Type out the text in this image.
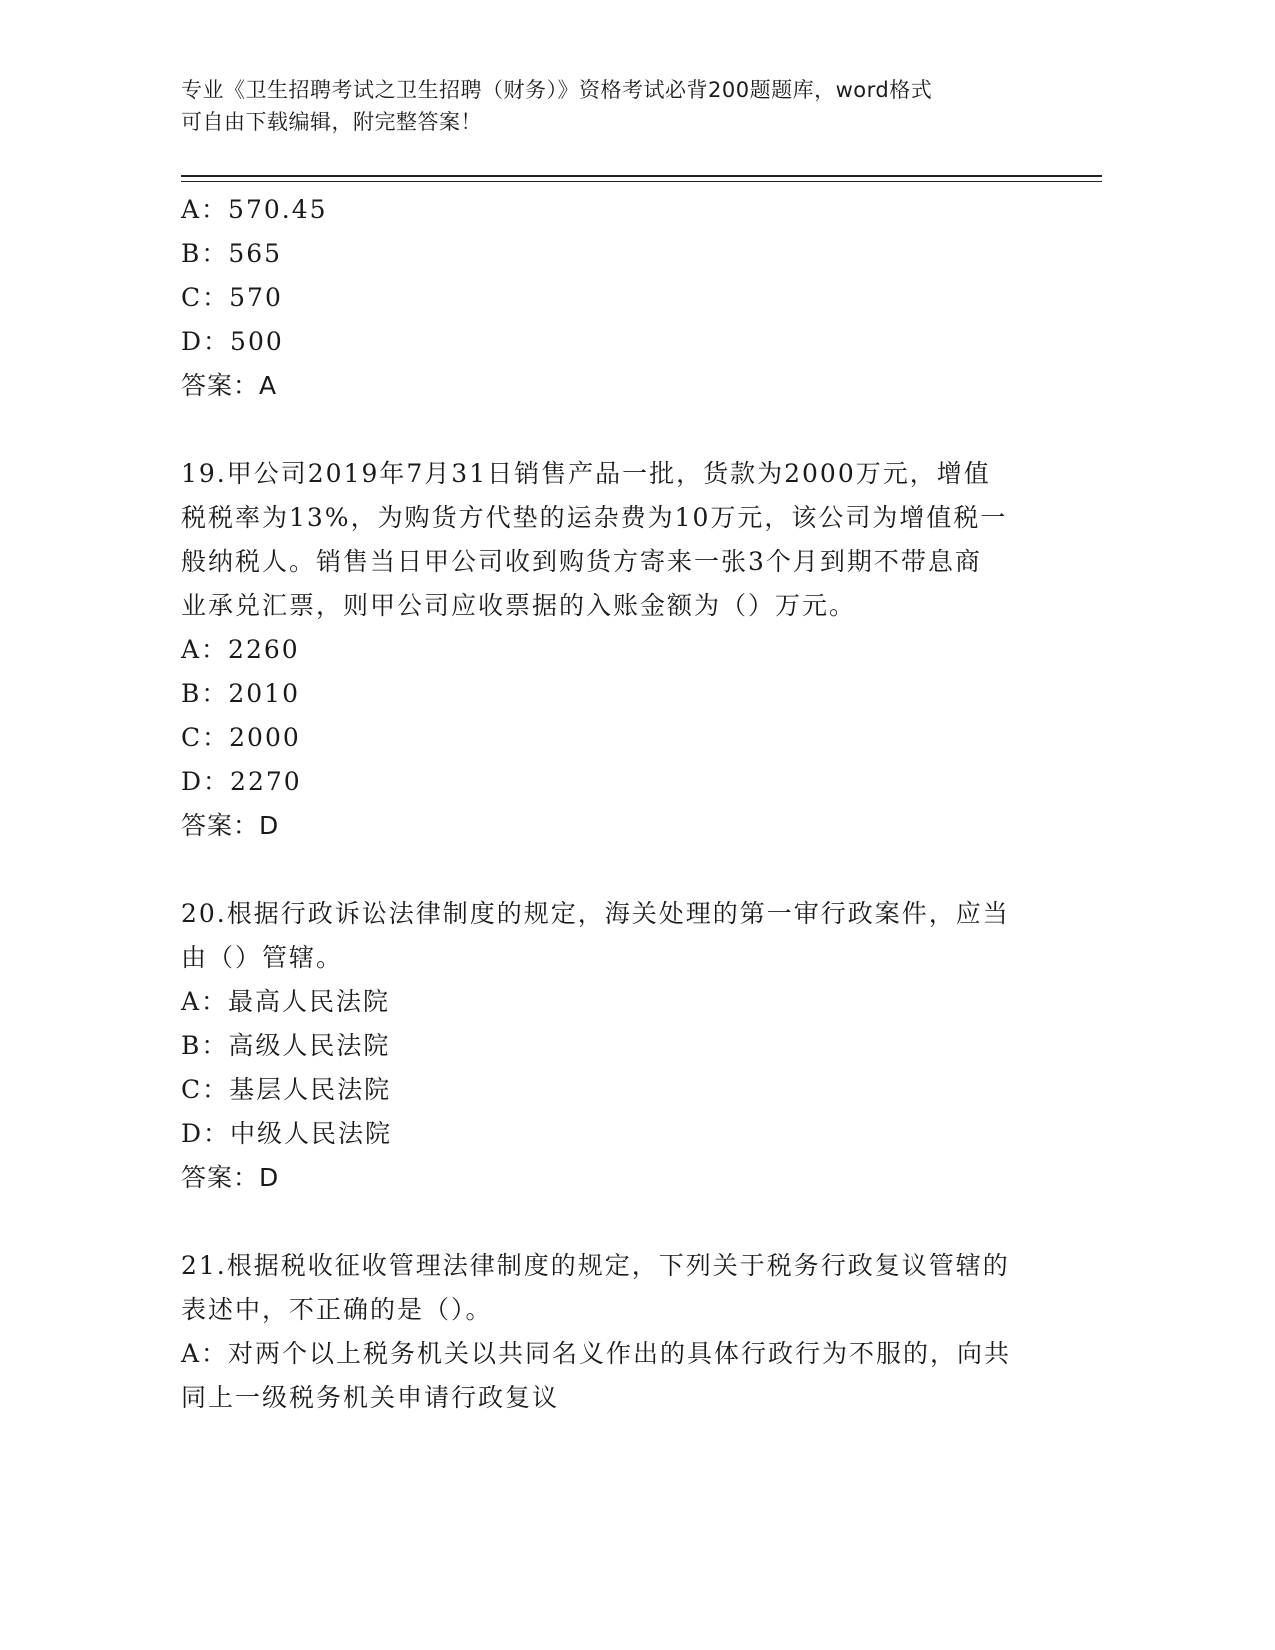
专业《卫生招聘考试之卫生招聘（财务）》资格考试必背200题题库，word格式
可自由下载编辑，附完整答案！
A：570.45
B：565
C：570
D：500
答案：A
19.甲公司2019年7月31日销售产品一批，货款为2000万元，增值
税税率为13%，为购货方代垫的运杂费为10万元，该公司为增值税一
般纳税人。销售当日甲公司收到购货方寄来一张3个月到期不带息商
业承兑汇票，则甲公司应收票据的入账金额为（）万元。
A：2260
B：2010
C：2000
D：2270
答案：D
20.根据行政诉讼法律制度的规定，海关处理的第一审行政案件，应当
由（）管辖。
A：最高人民法院
B：高级人民法院
C：基层人民法院
D：中级人民法院
答案：D
21.根据税收征收管理法律制度的规定，下列关于税务行政复议管辖的
表述中，不正确的是（）。
A：对两个以上税务机关以共同名义作出的具体行政行为不服的，向共
同上一级税务机关申请行政复议
